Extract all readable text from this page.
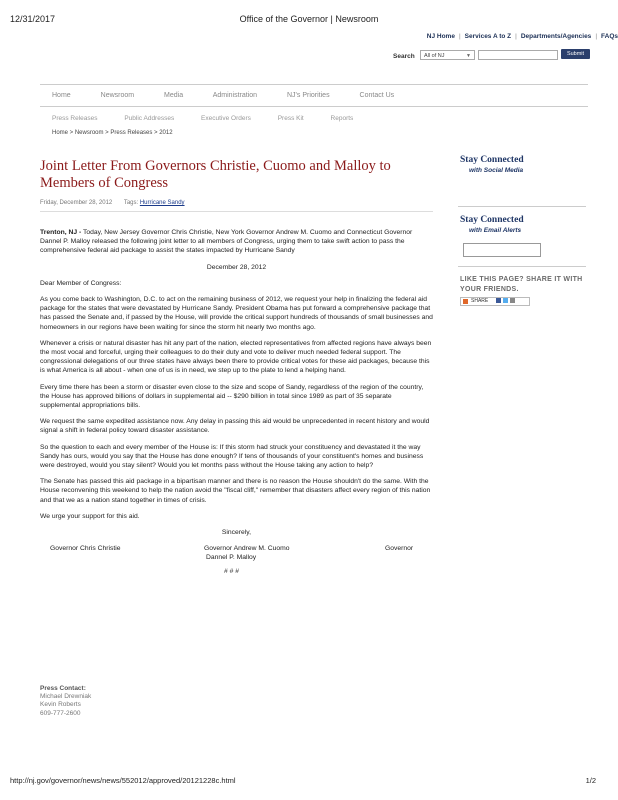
12/31/2017	Office of the Governor | Newsroom
NJ Home | Services A to Z | Departments/Agencies | FAQs
Search	All of NJ	▼	Submit
Home	Newsroom	Media	Administration	NJ's Priorities	Contact Us
Press Releases	Public Addresses	Executive Orders	Press Kit	Reports
Home > Newsroom > Press Releases > 2012
Joint Letter From Governors Christie, Cuomo and Malloy to Members of Congress
Friday, December 28, 2012 Tags: Hurricane Sandy

Trenton, NJ - Today, New Jersey Governor Chris Christie, New York Governor Andrew M. Cuomo and Connecticut Governor Dannel P. Malloy released the following joint letter to all members of Congress, urging them to take swift action to pass the comprehensive federal aid package to assist the states impacted by Hurricane Sandy

December 28, 2012

Dear Member of Congress:

As you come back to Washington, D.C. to act on the remaining business of 2012, we request your help in finalizing the federal aid package for the states that were devastated by Hurricane Sandy. President Obama has put forward a comprehensive package that has passed the Senate and, if passed by the House, will provide the critical support hundreds of thousands of small businesses and homeowners in our regions have been waiting for since the storm hit nearly two months ago.

Whenever a crisis or natural disaster has hit any part of the nation, elected representatives from affected regions have always been the most vocal and forceful, urging their colleagues to do their duty and vote to deliver much needed federal support. The congressional delegations of our three states have always been there to provide critical votes for these aid packages, because this is what America is all about - when one of us is in need, we step up to the plate to lend a helping hand.

Every time there has been a storm or disaster even close to the size and scope of Sandy, regardless of the region of the country, the House has approved billions of dollars in supplemental aid -- $290 billion in total since 1989 as part of 35 separate supplemental appropriations bills.

We request the same expedited assistance now. Any delay in passing this aid would be unprecedented in recent history and would signal a shift in federal policy toward disaster assistance.

So the question to each and every member of the House is: If this storm had struck your constituency and devastated it the way Sandy has ours, would you say that the House has done enough? If tens of thousands of your constituent's homes and business were destroyed, would you stay silent? Would you let months pass without the House taking any action to help?

The Senate has passed this aid package in a bipartisan manner and there is no reason the House shouldn't do the same. With the House reconvening this weekend to help the nation avoid the "fiscal cliff," remember that disasters affect every region of this nation and that we as a nation stand together in times of crisis.

We urge your support for this aid.

Sincerely,

Governor Chris Christie	Governor Andrew M. Cuomo	Governor
Dannel P. Malloy
# # #
Press Contact:
Michael Drewniak
Kevin Roberts
609-777-2600
Stay Connected
with Social Media
Stay Connected
with Email Alerts
LIKE THIS PAGE? SHARE IT WITH YOUR FRIENDS.
SHARE
http://nj.gov/governor/news/news/552012/approved/20121228c.html	1/2
